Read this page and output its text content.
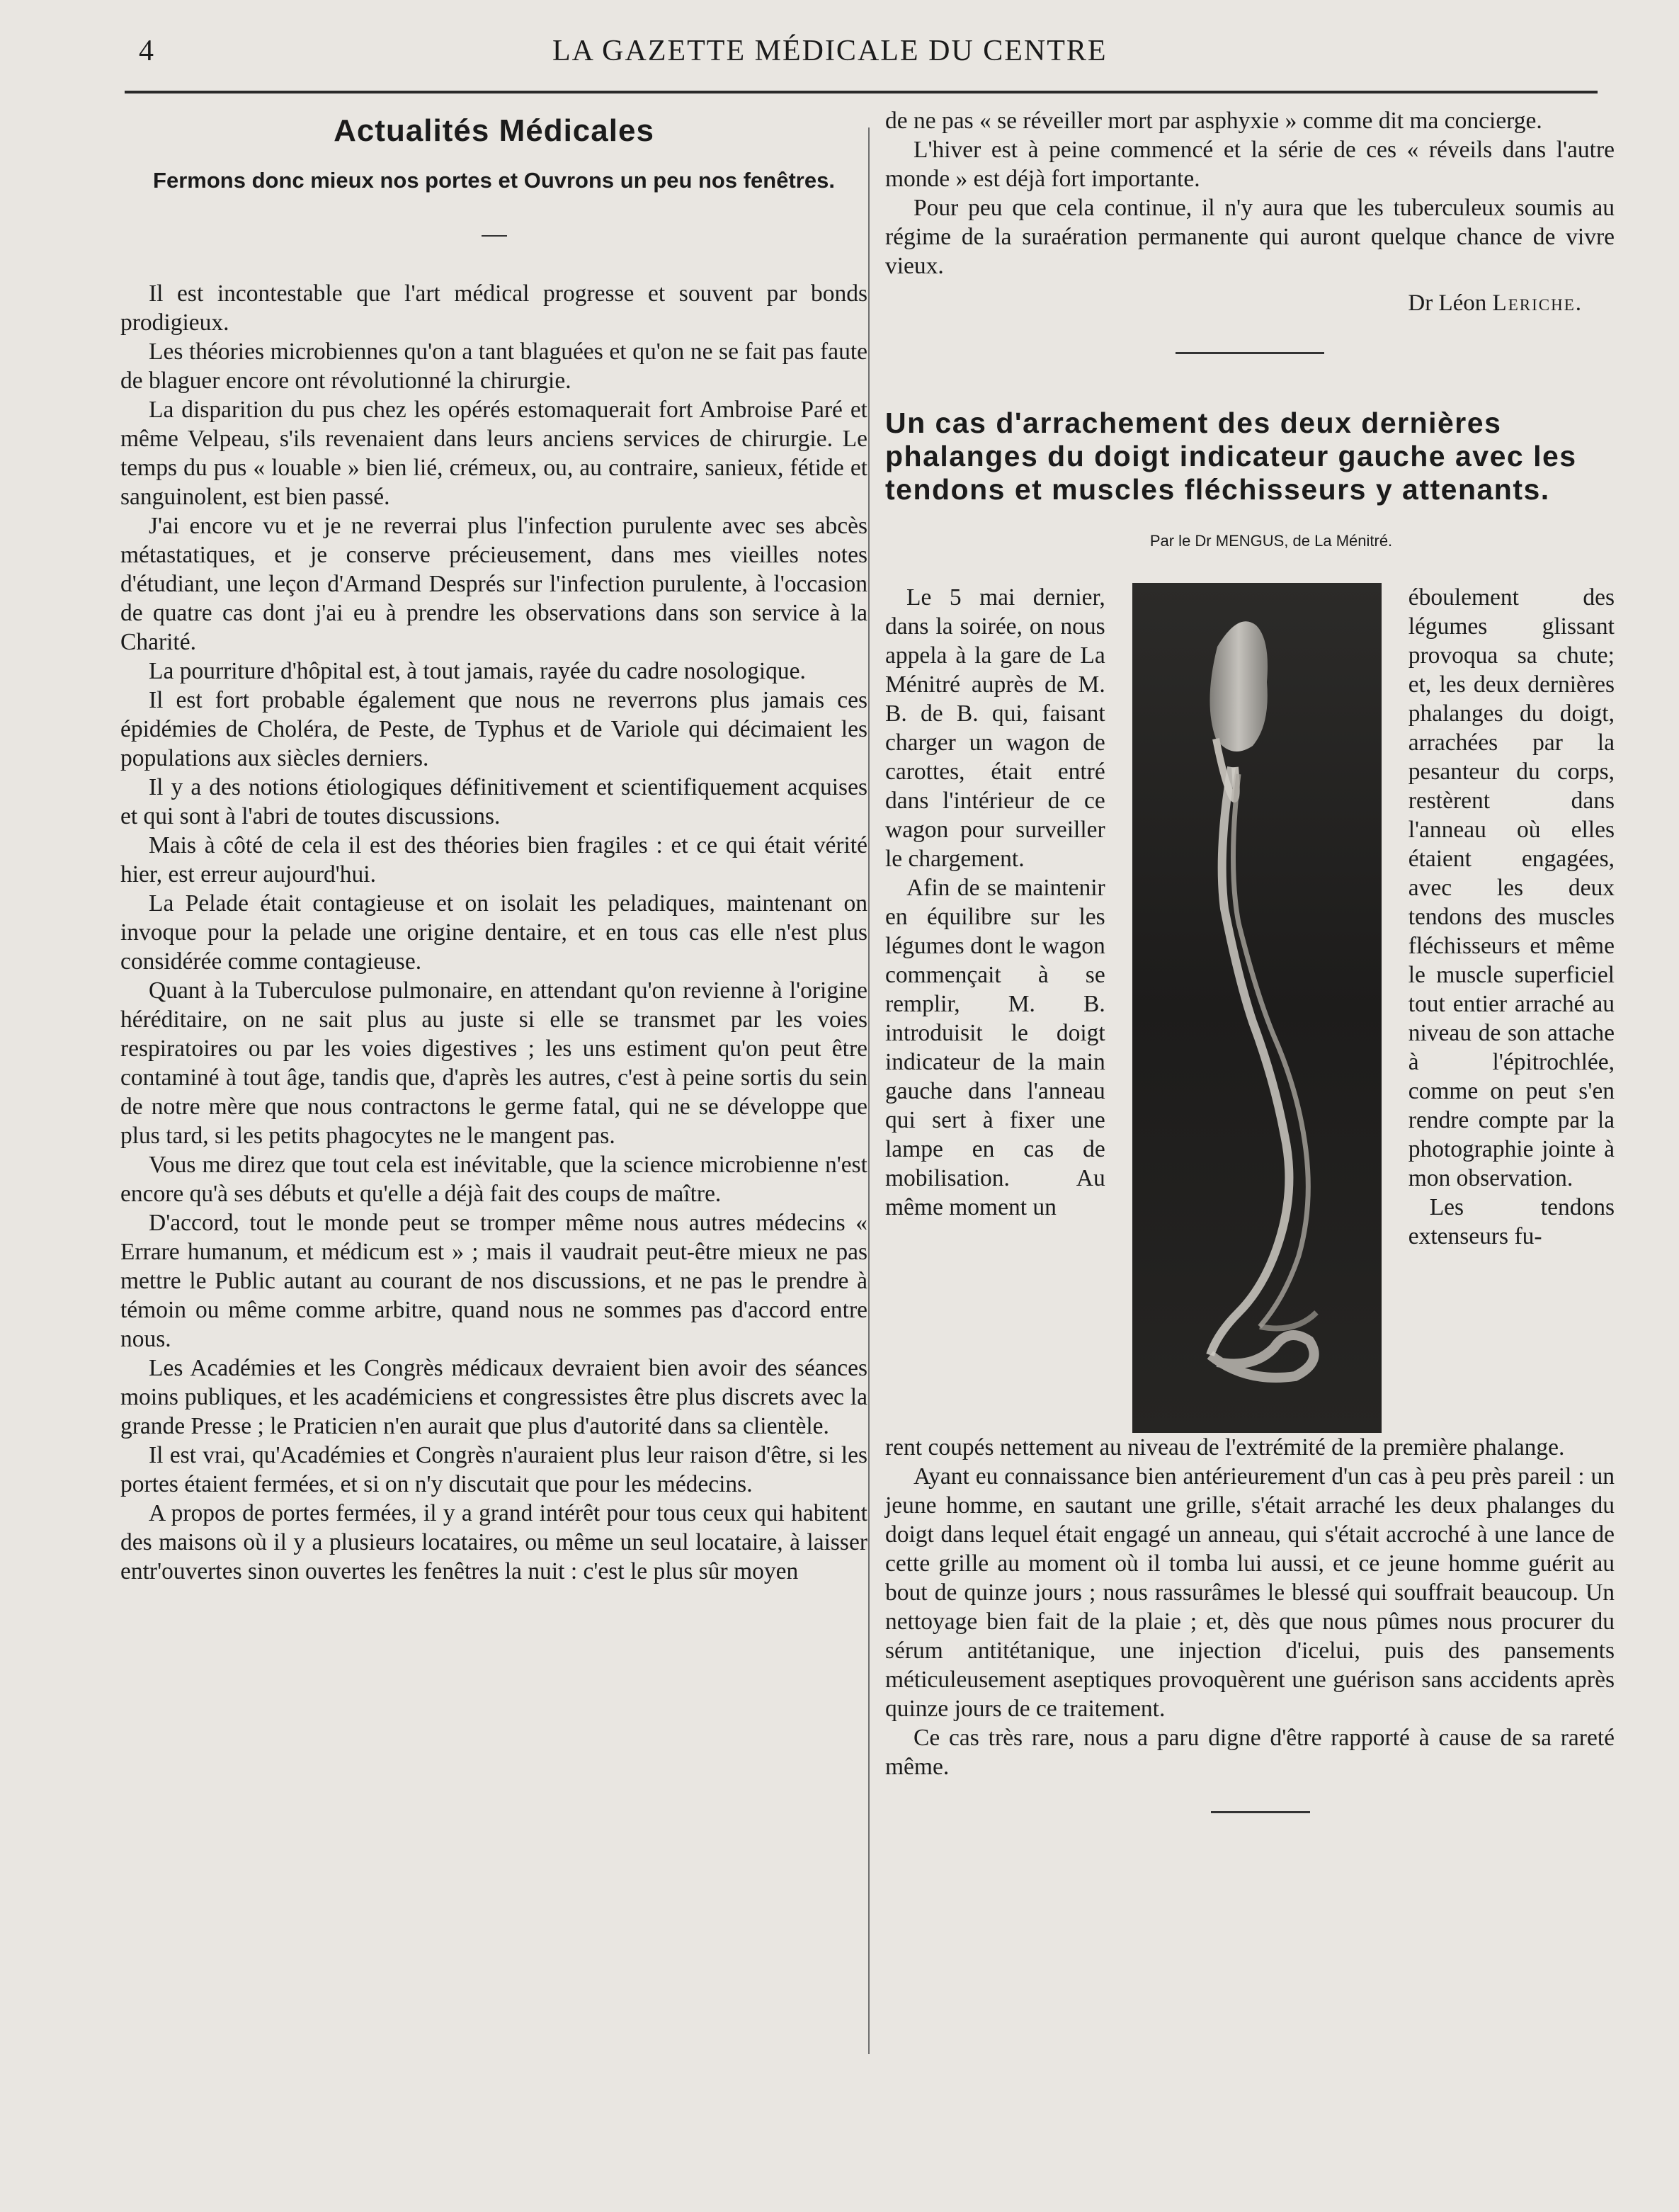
4	LA GAZETTE MÉDICALE DU CENTRE
Actualités Médicales
Fermons donc mieux nos portes et Ouvrons un peu nos fenêtres.

Il est incontestable que l'art médical progresse et souvent par bonds prodigieux.

Les théories microbiennes qu'on a tant blaguées et qu'on ne se fait pas faute de blaguer encore ont révolutionné la chirurgie.

La disparition du pus chez les opérés estomaquerait fort Ambroise Paré et même Velpeau, s'ils revenaient dans leurs anciens services de chirurgie. Le temps du pus « louable » bien lié, crémeux, ou, au contraire, sanieux, fétide et sanguinolent, est bien passé.

J'ai encore vu et je ne reverrai plus l'infection purulente avec ses abcès métastatiques, et je conserve précieusement, dans mes vieilles notes d'étudiant, une leçon d'Armand Després sur l'infection purulente, à l'occasion de quatre cas dont j'ai eu à prendre les observations dans son service à la Charité.

La pourriture d'hôpital est, à tout jamais, rayée du cadre nosologique.

Il est fort probable également que nous ne reverrons plus jamais ces épidémies de Choléra, de Peste, de Typhus et de Variole qui décimaient les populations aux siècles derniers.

Il y a des notions étiologiques définitivement et scientifiquement acquises et qui sont à l'abri de toutes discussions.

Mais à côté de cela il est des théories bien fragiles : et ce qui était vérité hier, est erreur aujourd'hui.

La Pelade était contagieuse et on isolait les peladiques, maintenant on invoque pour la pelade une origine dentaire, et en tous cas elle n'est plus considérée comme contagieuse.

Quant à la Tuberculose pulmonaire, en attendant qu'on revienne à l'origine héréditaire, on ne sait plus au juste si elle se transmet par les voies respiratoires ou par les voies digestives ; les uns estiment qu'on peut être contaminé à tout âge, tandis que, d'après les autres, c'est à peine sortis du sein de notre mère que nous contractons le germe fatal, qui ne se développe que plus tard, si les petits phagocytes ne le mangent pas.

Vous me direz que tout cela est inévitable, que la science microbienne n'est encore qu'à ses débuts et qu'elle a déjà fait des coups de maître.

D'accord, tout le monde peut se tromper même nous autres médecins « Errare humanum, et médicum est » ; mais il vaudrait peut-être mieux ne pas mettre le Public autant au courant de nos discussions, et ne pas le prendre à témoin ou même comme arbitre, quand nous ne sommes pas d'accord entre nous.

Les Académies et les Congrès médicaux devraient bien avoir des séances moins publiques, et les académiciens et congressistes être plus discrets avec la grande Presse ; le Praticien n'en aurait que plus d'autorité dans sa clientèle.

Il est vrai, qu'Académies et Congrès n'auraient plus leur raison d'être, si les portes étaient fermées, et si on n'y discutait que pour les médecins.

A propos de portes fermées, il y a grand intérêt pour tous ceux qui habitent des maisons où il y a plusieurs locataires, ou même un seul locataire, à laisser entr'ouvertes sinon ouvertes les fenêtres la nuit : c'est le plus sûr moyen

de ne pas « se réveiller mort par asphyxie » comme dit ma concierge.

L'hiver est à peine commencé et la série de ces « réveils dans l'autre monde » est déjà fort importante.

Pour peu que cela continue, il n'y aura que les tuberculeux soumis au régime de la suraération permanente qui auront quelque chance de vivre vieux.

Dr Léon Leriche.
Un cas d'arrachement des deux dernières phalanges du doigt indicateur gauche avec les tendons et muscles fléchisseurs y attenants.
Par le Dr MENGUS, de La Ménitré.

Le 5 mai dernier, dans la soirée, on nous appela à la gare de La Ménitré auprès de M. B. de B. qui, faisant charger un wagon de carottes, était entré dans l'intérieur de ce wagon pour surveiller le chargement.

Afin de se maintenir en équilibre sur les légumes dont le wagon commençait à se remplir, M. B. introduisit le doigt indicateur de la main gauche dans l'anneau qui sert à fixer une lampe en cas de mobilisation. Au même moment un

éboulement des légumes glissant provoqua sa chute; et, les deux dernières phalanges du doigt, arrachées par la pesanteur du corps, restèrent dans l'anneau où elles étaient engagées, avec les deux tendons des muscles fléchisseurs et même le muscle superficiel tout entier arraché au niveau de son attache à l'épitrochlée, comme on peut s'en rendre compte par la photographie jointe à mon observation.

Les tendons extenseurs fu-

rent coupés nettement au niveau de l'extrémité de la première phalange.

Ayant eu connaissance bien antérieurement d'un cas à peu près pareil : un jeune homme, en sautant une grille, s'était arraché les deux phalanges du doigt dans lequel était engagé un anneau, qui s'était accroché à une lance de cette grille au moment où il tomba lui aussi, et ce jeune homme guérit au bout de quinze jours ; nous rassurâmes le blessé qui souffrait beaucoup. Un nettoyage bien fait de la plaie ; et, dès que nous pûmes nous procurer du sérum antitétanique, une injection d'icelui, puis des pansements méticuleusement aseptiques provoquèrent une guérison sans accidents après quinze jours de ce traitement.

Ce cas très rare, nous a paru digne d'être rapporté à cause de sa rareté même.
